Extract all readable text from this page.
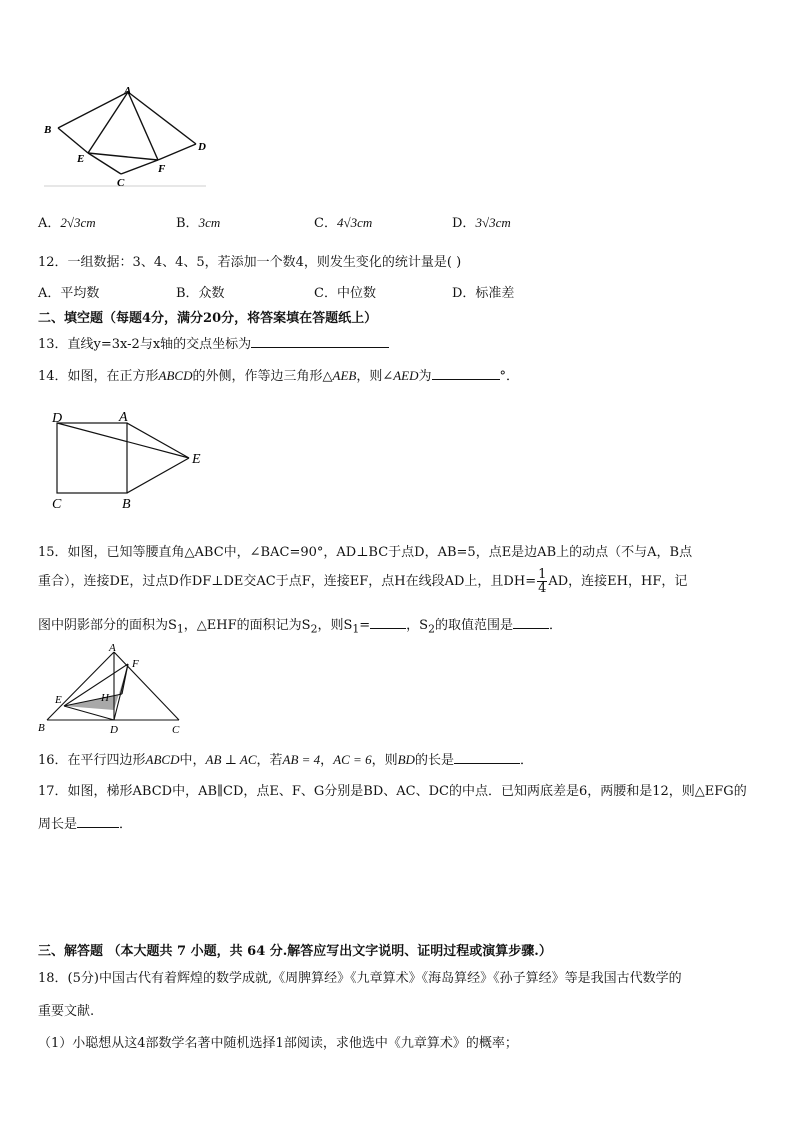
A
B
E
C
F
D
A．2√3cm	B．3cm	C．4√3cm	D．3√3cm
12．一组数据：3、4、4、5，若添加一个数4，则发生变化的统计量是( )
A．平均数	B．众数	C．中位数	D．标准差
二、填空题（每题4分，满分20分，将答案填在答题纸上）
13．直线y=3x-2与x轴的交点坐标为
14．如图，在正方形ABCD的外侧，作等边三角形△AEB，则∠AED为	°．
D	A
E
C	B
15．如图，已知等腰直角△ABC中，∠BAC=90°，AD⊥BC于点D，AB=5，点E是边AB上的动点（不与A，B点
重合），连接DE，过点D作DF⊥DE交AC于点F，连接EF，点H在线段AD上，且$DH= \frac{1}{4}$ AD，连接EH，HF，记
图中阴影部分的面积为$S_1$，△EHF的面积记为$S_2$，则$S_1=$	，$S_2$的取值范围是	．
A
F
E	H
B	D	C
16．在平行四边形ABCD中，AB ⊥ AC，若AB = 4，AC = 6，则BD的长是	．
17．如图，梯形ABCD中，AB∥CD，点E、F、G分别是BD、AC、DC的中点．已知两底差是6，两腰和是12，则△EFG的
周长是	．
三、解答题 （本大题共 7 小题，共 64 分.解答应写出文字说明、证明过程或演算步骤.）
18．(5分)中国古代有着辉煌的数学成就,《周脾算经》《九章算术》《海岛算经》《孙子算经》等是我国古代数学的
重要文献.
（1）小聪想从这4部数学名著中随机选择1部阅读，求他选中《九章算术》的概率；
